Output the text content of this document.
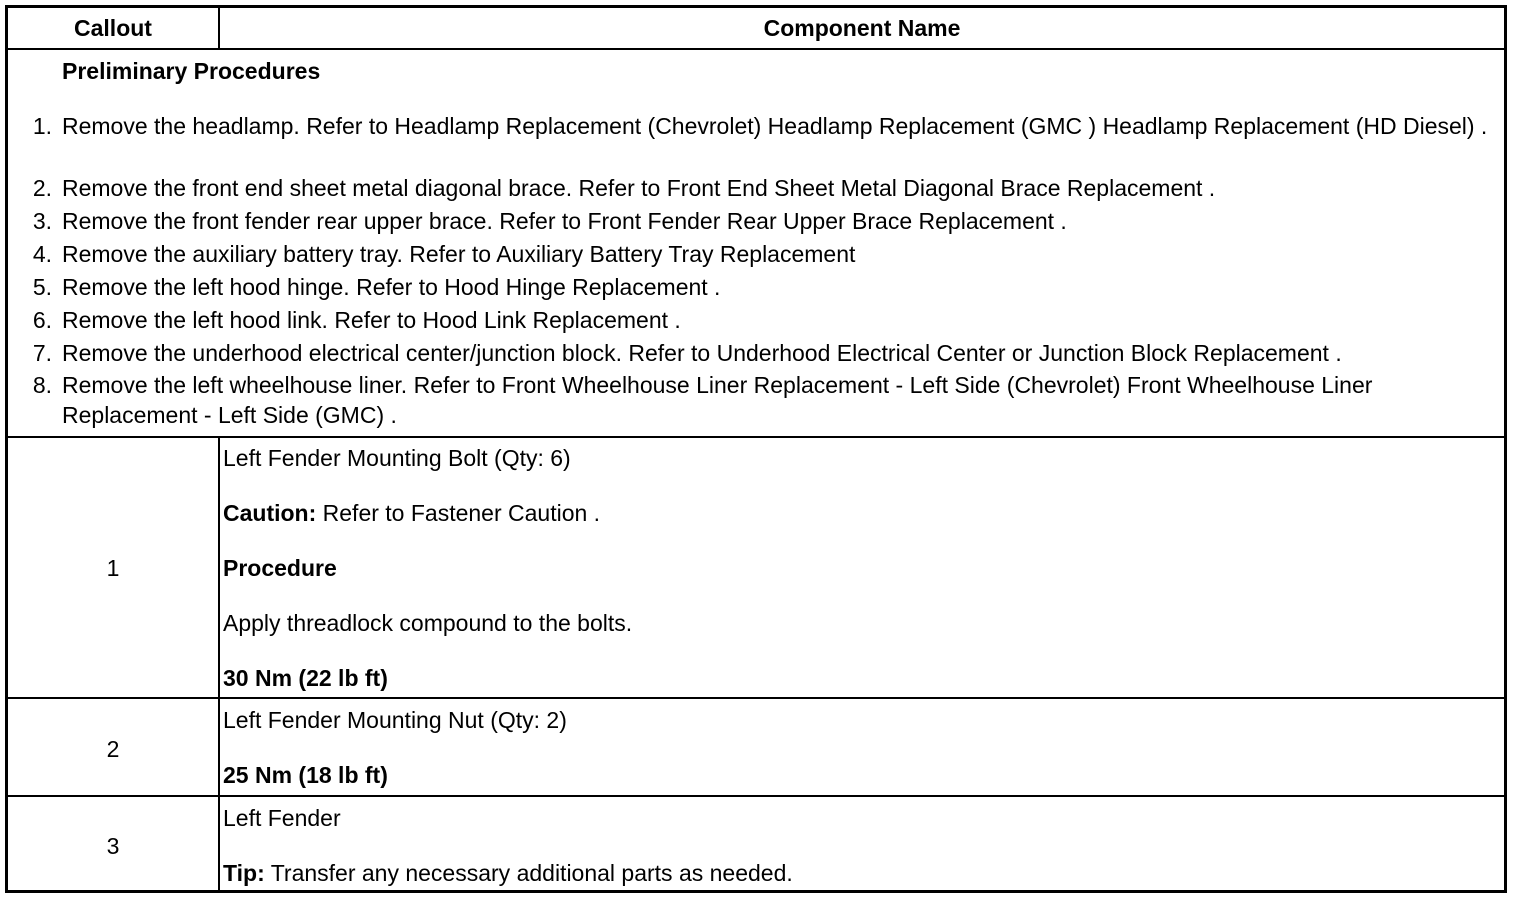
Callout	Component Name
Preliminary Procedures
1. Remove the headlamp. Refer to Headlamp Replacement (Chevrolet) Headlamp Replacement (GMC ) Headlamp Replacement (HD Diesel) .
2. Remove the front end sheet metal diagonal brace. Refer to Front End Sheet Metal Diagonal Brace Replacement .
3. Remove the front fender rear upper brace. Refer to Front Fender Rear Upper Brace Replacement .
4. Remove the auxiliary battery tray. Refer to Auxiliary Battery Tray Replacement
5. Remove the left hood hinge. Refer to Hood Hinge Replacement .
6. Remove the left hood link. Refer to Hood Link Replacement .
7. Remove the underhood electrical center/junction block. Refer to Underhood Electrical Center or Junction Block Replacement .
8. Remove the left wheelhouse liner. Refer to Front Wheelhouse Liner Replacement - Left Side (Chevrolet) Front Wheelhouse Liner Replacement - Left Side (GMC) .
1
Left Fender Mounting Bolt (Qty: 6)
Caution: Refer to Fastener Caution .
Procedure
Apply threadlock compound to the bolts.
30 Nm (22 lb ft)
2
Left Fender Mounting Nut (Qty: 2)
25 Nm (18 lb ft)
3
Left Fender
Tip: Transfer any necessary additional parts as needed.
